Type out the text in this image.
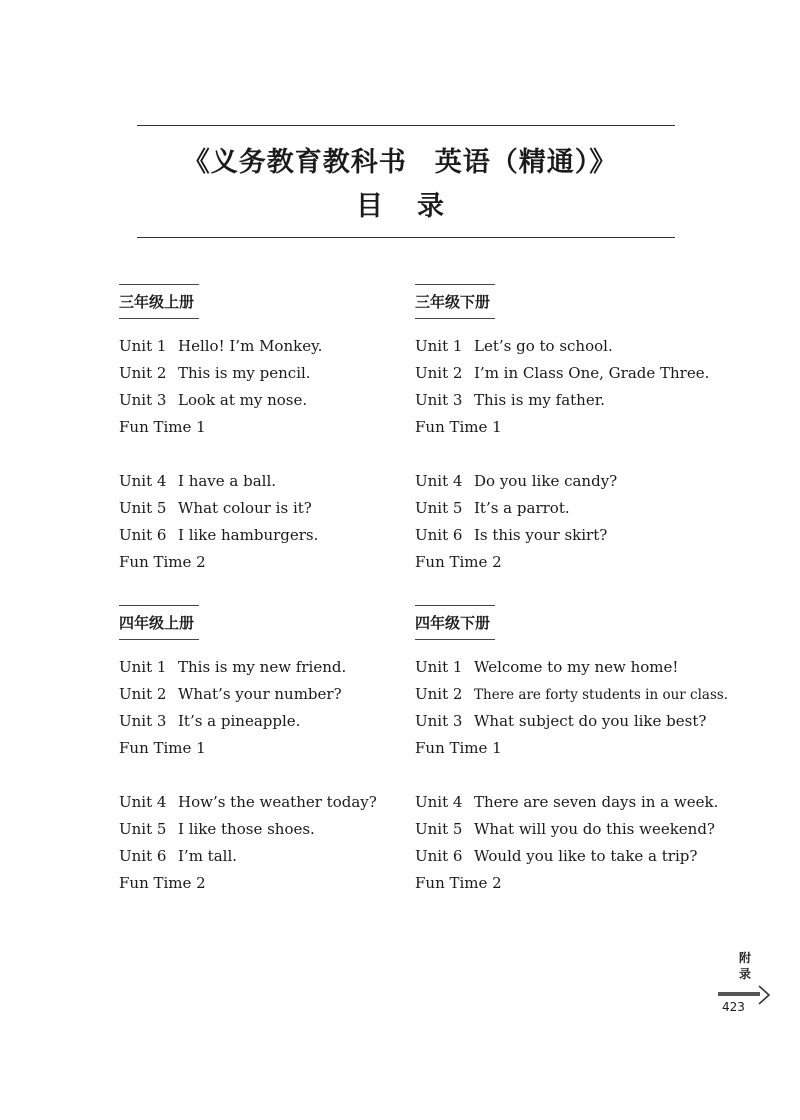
《义务教育教科书　英语（精通）》
目录
三年级上册
Unit 1 Hello! I’m Monkey.
Unit 2 This is my pencil.
Unit 3 Look at my nose.
Fun Time 1
Unit 4 I have a ball.
Unit 5 What colour is it?
Unit 6 I like hamburgers.
Fun Time 2
三年级下册
Unit 1 Let’s go to school.
Unit 2 I’m in Class One, Grade Three.
Unit 3 This is my father.
Fun Time 1
Unit 4 Do you like candy?
Unit 5 It’s a parrot.
Unit 6 Is this your skirt?
Fun Time 2
四年级上册
Unit 1 This is my new friend.
Unit 2 What’s your number?
Unit 3 It’s a pineapple.
Fun Time 1
Unit 4 How’s the weather today?
Unit 5 I like those shoes.
Unit 6 I’m tall.
Fun Time 2
四年级下册
Unit 1 Welcome to my new home!
Unit 2 There are forty students in our class.
Unit 3 What subject do you like best?
Fun Time 1
Unit 4 There are seven days in a week.
Unit 5 What will you do this weekend?
Unit 6 Would you like to take a trip?
Fun Time 2
附
录
423
